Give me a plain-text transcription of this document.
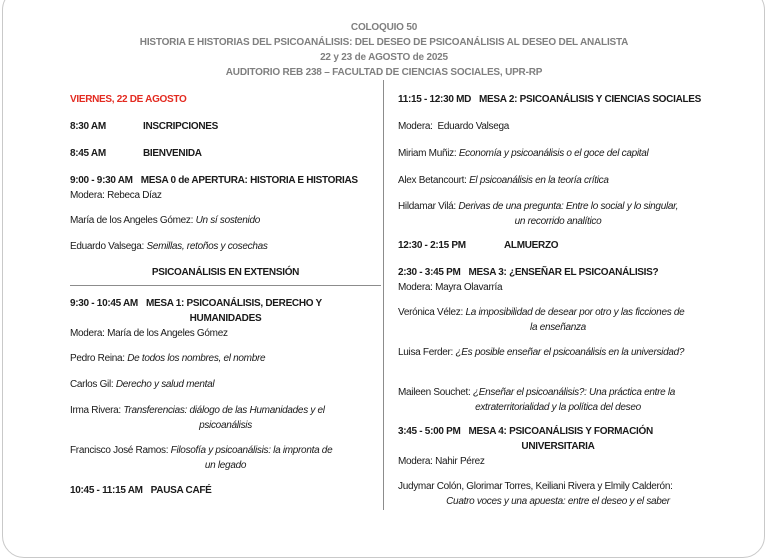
COLOQUIO 50
HISTORIA E HISTORIAS DEL PSICOANÁLISIS: DEL DESEO DE PSICOANÁLISIS AL DESEO DEL ANALISTA
22 y 23 de AGOSTO de 2025
AUDITORIO REB 238 – FACULTAD DE CIENCIAS SOCIALES, UPR-RP
VIERNES, 22 DE AGOSTO
8:30 AM	INSCRIPCIONES
8:45 AM	BIENVENIDA
9:00 - 9:30 AM MESA 0 de APERTURA: HISTORIA E HISTORIAS
Modera: Rebeca Díaz
María de los Angeles Gómez: Un sí sostenido
Eduardo Valsega: Semillas, retoños y cosechas
PSICOANÁLISIS EN EXTENSIÓN
9:30 - 10:45 AM MESA 1: PSICOANÁLISIS, DERECHO Y
HUMANIDADES
Modera: María de los Angeles Gómez
Pedro Reina: De todos los nombres, el nombre
Carlos Gil: Derecho y salud mental
Irma Rivera: Transferencias: diálogo de las Humanidades y el
psicoanálisis
Francisco José Ramos: Filosofía y psicoanálisis: la impronta de
un legado
10:45 - 11:15 AM PAUSA CAFÉ
11:15 - 12:30 MD MESA 2: PSICOANÁLISIS Y CIENCIAS SOCIALES
Modera:  Eduardo Valsega
Miriam Muñiz: Economía y psicoanálisis o el goce del capital
Alex Betancourt: El psicoanálisis en la teoría crítica
Hildamar Vilá: Derivas de una pregunta: Entre lo social y lo singular,
un recorrido analítico
12:30 - 2:15 PM	ALMUERZO
2:30 - 3:45 PM MESA 3: ¿ENSEÑAR EL PSICOANÁLISIS?
Modera: Mayra Olavarría
Verónica Vélez: La imposibilidad de desear por otro y las ficciones de
la enseñanza
Luisa Ferder: ¿Es posible enseñar el psicoanálisis en la universidad?
Maileen Souchet: ¿Enseñar el psicoanálisis?: Una práctica entre la
extraterritorialidad y la política del deseo
3:45 - 5:00 PM MESA 4: PSICOANÁLISIS Y FORMACIÓN
UNIVERSITARIA
Modera: Nahir Pérez
Judymar Colón, Glorimar Torres, Keiliani Rivera y Elmily Calderón:
Cuatro voces y una apuesta: entre el deseo y el saber
